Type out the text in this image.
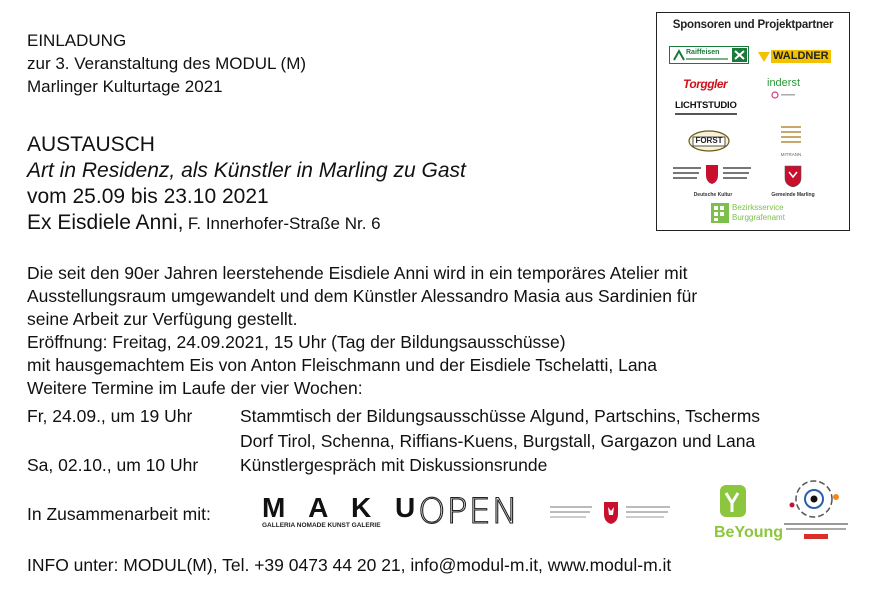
EINLADUNG
zur 3. Veranstaltung des MODUL (M)
Marlinger Kulturtage 2021
AUSTAUSCH
Art in Residenz, als Künstler in Marling zu Gast
vom 25.09 bis 23.10 2021
Ex Eisdiele Anni, F. Innerhofer-Straße Nr. 6
Die seit den 90er Jahren leerstehende Eisdiele Anni wird in ein temporäres Atelier mit
Ausstellungsraum umgewandelt und dem Künstler Alessandro Masia aus Sardinien für
seine Arbeit zur Verfügung gestellt.
Eröffnung: Freitag, 24.09.2021, 15 Uhr (Tag der Bildungsausschüsse)
mit hausgemachtem Eis von Anton Fleischmann und der Eisdiele Tschelatti, Lana
Weitere Termine im Laufe der vier Wochen:
Fr, 24.09., um 19 Uhr	Stammtisch der Bildungsausschüsse Algund, Partschins, Tscherms
Dorf Tirol, Schenna, Riffians-Kuens, Burgstall, Gargazon und Lana
Sa, 02.10., um 10 Uhr Künstlergespräch mit Diskussionsrunde
In Zusammenarbeit mit: M A K U
GALLERIA NOMADE KUNST GALERIE	OPEN
BeYoung
INFO unter: MODUL(M), Tel. +39 0473 44 20 21, info@modul-m.it, www.modul-m.it
Sponsoren und Projektpartner
Raiffeisen	WALDNER
Torggler	inderst
LICHTSTUDIO
FORST
MITRANN
Deutsche Kultur	Gemeinde Marling
Bezirksservice
Burggrafenamt
